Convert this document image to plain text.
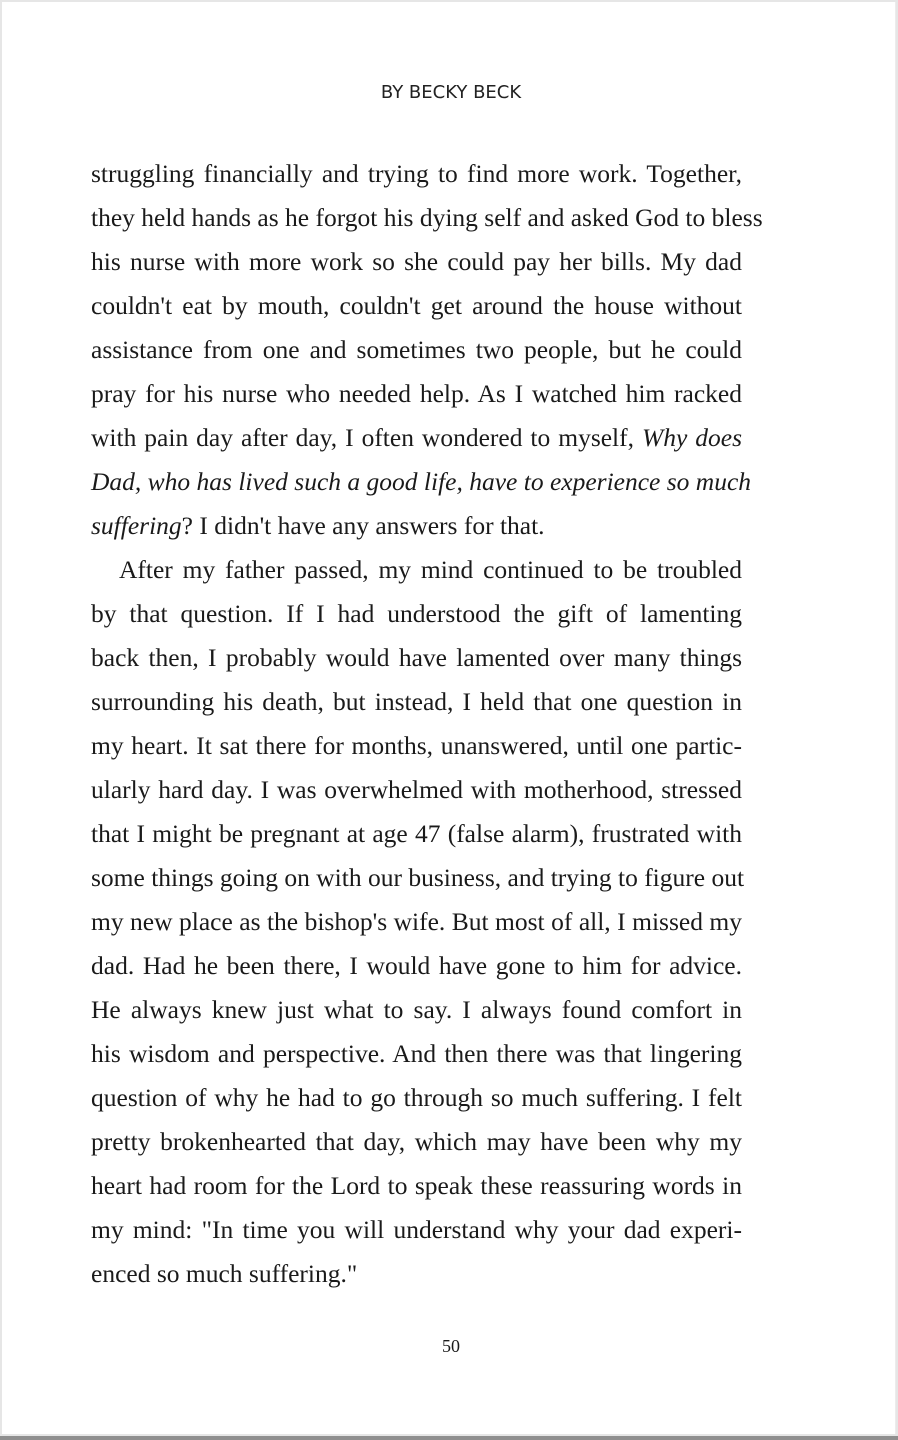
BY BECKY BECK
struggling financially and trying to find more work. Together,
they held hands as he forgot his dying self and asked God to bless
his nurse with more work so she could pay her bills. My dad
couldn't eat by mouth, couldn't get around the house without
assistance from one and sometimes two people, but he could
pray for his nurse who needed help. As I watched him racked
with pain day after day, I often wondered to myself, Why does
Dad, who has lived such a good life, have to experience so much
suffering? I didn't have any answers for that.
After my father passed, my mind continued to be troubled
by that question. If I had understood the gift of lamenting
back then, I probably would have lamented over many things
surrounding his death, but instead, I held that one question in
my heart. It sat there for months, unanswered, until one partic-
ularly hard day. I was overwhelmed with motherhood, stressed
that I might be pregnant at age 47 (false alarm), frustrated with
some things going on with our business, and trying to figure out
my new place as the bishop's wife. But most of all, I missed my
dad. Had he been there, I would have gone to him for advice.
He always knew just what to say. I always found comfort in
his wisdom and perspective. And then there was that lingering
question of why he had to go through so much suffering. I felt
pretty brokenhearted that day, which may have been why my
heart had room for the Lord to speak these reassuring words in
my mind: "In time you will understand why your dad experi-
enced so much suffering."
50
